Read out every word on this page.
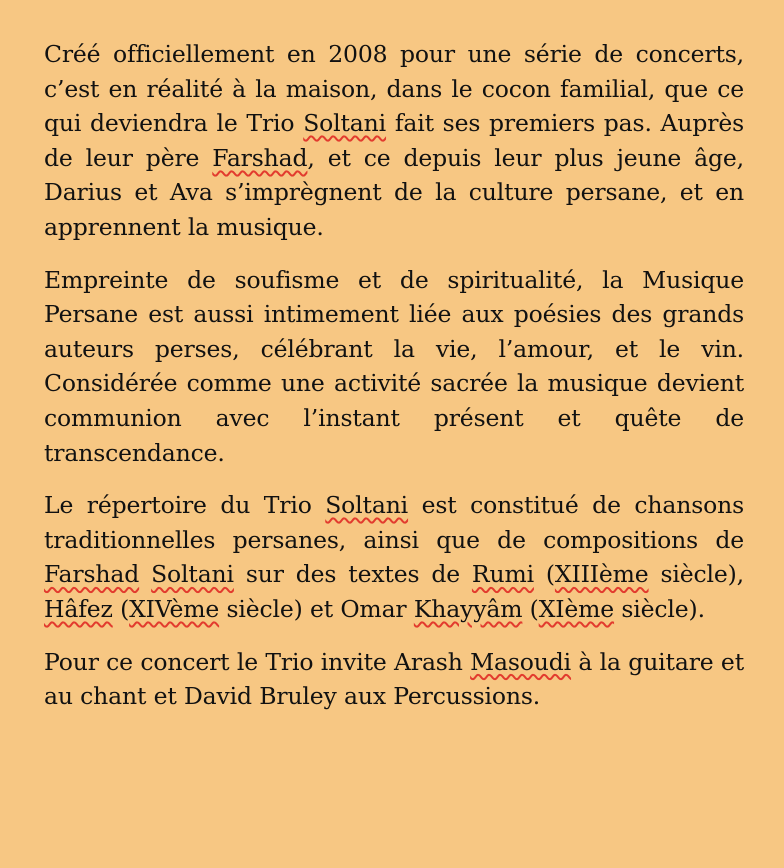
Créé officiellement en 2008 pour une série de concerts, c’est en réalité à la maison, dans le cocon familial, que ce qui deviendra le Trio Soltani fait ses premiers pas. Auprès de leur père Farshad, et ce depuis leur plus jeune âge, Darius et Ava s’imprègnent de la culture persane, et en apprennent la musique.

Empreinte de soufisme et de spiritualité, la Musique Persane est aussi intimement liée aux poésies des grands auteurs perses, célébrant la vie, l’amour, et le vin. Considérée comme une activité sacrée la musique devient communion avec l’instant présent et quête de transcendance.

Le répertoire du Trio Soltani est constitué de chansons traditionnelles persanes, ainsi que de compositions de Farshad Soltani sur des textes de Rumi (XIIIème siècle), Hâfez (XIVème siècle) et Omar Khayyâm (XIème siècle).

Pour ce concert le Trio invite Arash Masoudi à la guitare et au chant et David Bruley aux Percussions.
